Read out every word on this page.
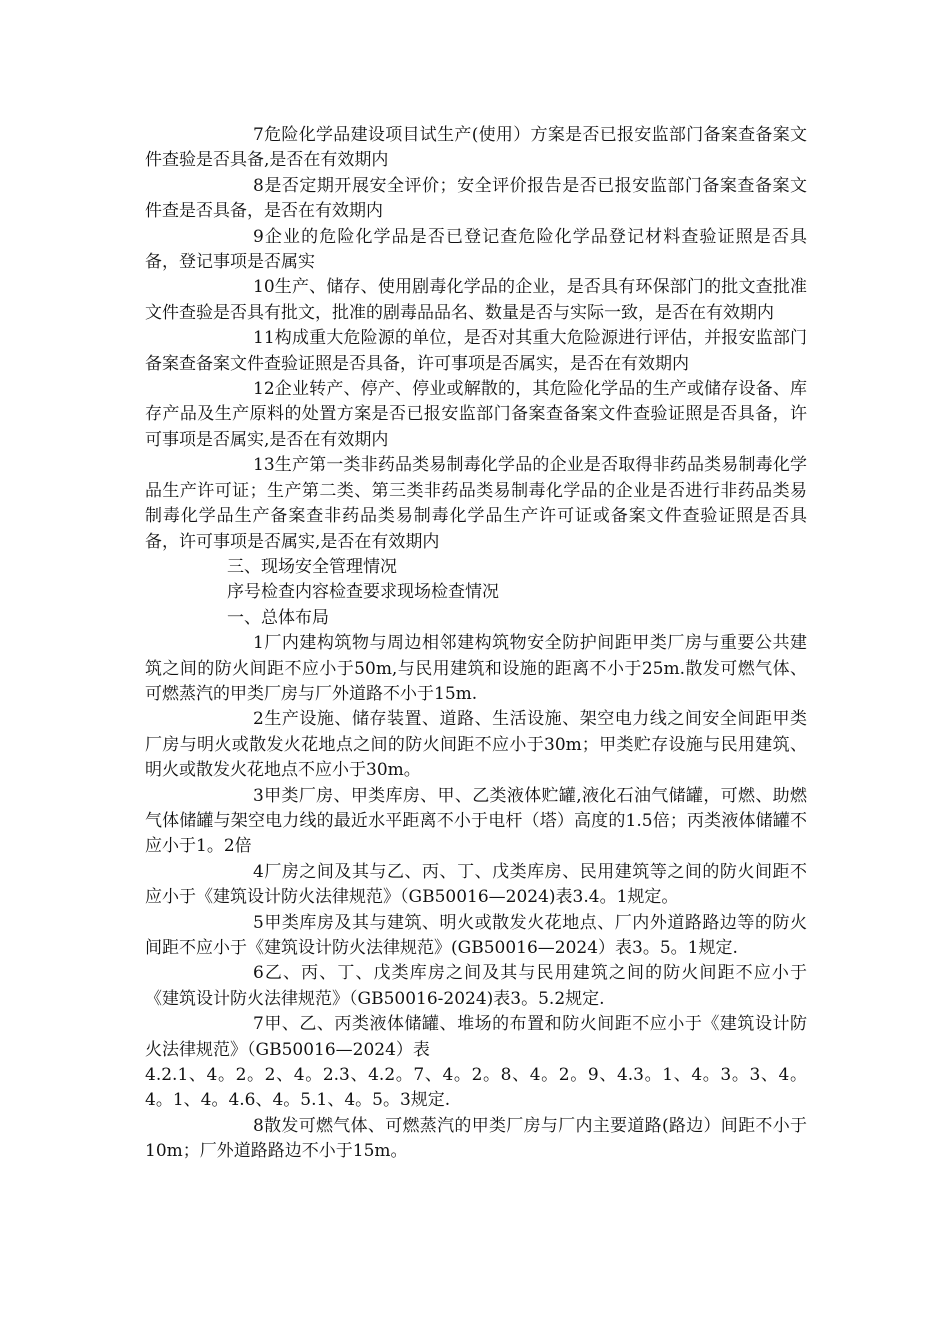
7危险化学品建设项目试生产(使用）方案是否已报安监部门备案查备案文件查验是否具备,是否在有效期内

8是否定期开展安全评价；安全评价报告是否已报安监部门备案查备案文件查是否具备，是否在有效期内

9企业的危险化学品是否已登记查危险化学品登记材料查验证照是否具备，登记事项是否属实

10生产、储存、使用剧毒化学品的企业，是否具有环保部门的批文查批准文件查验是否具有批文，批准的剧毒品品名、数量是否与实际一致，是否在有效期内

11构成重大危险源的单位，是否对其重大危险源进行评估，并报安监部门备案查备案文件查验证照是否具备，许可事项是否属实，是否在有效期内

12企业转产、停产、停业或解散的，其危险化学品的生产或储存设备、库存产品及生产原料的处置方案是否已报安监部门备案查备案文件查验证照是否具备，许可事项是否属实,是否在有效期内

13生产第一类非药品类易制毒化学品的企业是否取得非药品类易制毒化学品生产许可证；生产第二类、第三类非药品类易制毒化学品的企业是否进行非药品类易制毒化学品生产备案查非药品类易制毒化学品生产许可证或备案文件查验证照是否具备，许可事项是否属实,是否在有效期内

三、现场安全管理情况

序号检查内容检查要求现场检查情况

一、总体布局

1厂内建构筑物与周边相邻建构筑物安全防护间距甲类厂房与重要公共建筑之间的防火间距不应小于50m,与民用建筑和设施的距离不小于25m.散发可燃气体、可燃蒸汽的甲类厂房与厂外道路不小于15m.

2生产设施、储存装置、道路、生活设施、架空电力线之间安全间距甲类厂房与明火或散发火花地点之间的防火间距不应小于30m；甲类贮存设施与民用建筑、明火或散发火花地点不应小于30m。

3甲类厂房、甲类库房、甲、乙类液体贮罐,液化石油气储罐，可燃、助燃气体储罐与架空电力线的最近水平距离不小于电杆（塔）高度的1.5倍；丙类液体储罐不应小于1。2倍

4厂房之间及其与乙、丙、丁、戊类库房、民用建筑等之间的防火间距不应小于《建筑设计防火法律规范》（GB50016—2024)表3.4。1规定。

5甲类库房及其与建筑、明火或散发火花地点、厂内外道路路边等的防火间距不应小于《建筑设计防火法律规范》(GB50016—2024）表3。5。1规定.

6乙、丙、丁、戊类库房之间及其与民用建筑之间的防火间距不应小于《建筑设计防火法律规范》（GB50016-2024)表3。5.2规定.

7甲、乙、丙类液体储罐、堆场的布置和防火间距不应小于《建筑设计防火法律规范》（GB50016—2024）表

4.2.1、4。2。2、4。2.3、4.2。7、4。2。8、4。2。9、4.3。1、4。3。3、4。4。1、4。4.6、4。5.1、4。5。3规定.

8散发可燃气体、可燃蒸汽的甲类厂房与厂内主要道路(路边）间距不小于10m；厂外道路路边不小于15m。
